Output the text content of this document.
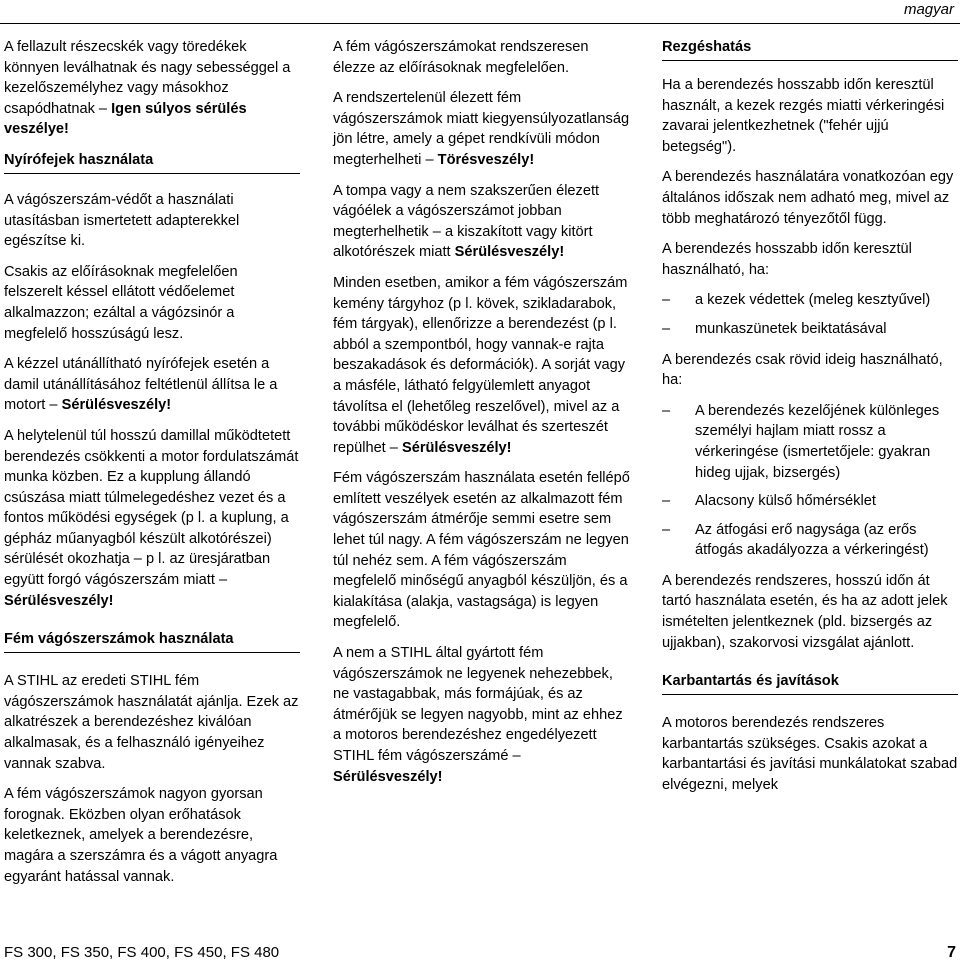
magyar

A fellazult részecskék vagy töredékek könnyen leválhatnak és nagy sebességgel a kezelőszemélyhez vagy másokhoz csapódhatnak – Igen súlyos sérülés veszélye!

Nyírófejek használata

A vágószerszám-védőt a használati utasításban ismertetett adapterekkel egészítse ki.

Csakis az előírásoknak megfelelően felszerelt késsel ellátott védőelemet alkalmazzon; ezáltal a vágózsinór a megfelelő hosszúságú lesz.

A kézzel utánállítható nyírófejek esetén a damil utánállításához feltétlenül állítsa le a motort – Sérülésveszély!

A helytelenül túl hosszú damillal működtetett berendezés csökkenti a motor fordulatszámát munka közben. Ez a kupplung állandó csúszása miatt túlmelegedéshez vezet és a fontos működési egységek (p l. a kuplung, a gépház műanyagból készült alkotórészei) sérülését okozhatja – p l. az üresjáratban együtt forgó vágószerszám miatt – Sérülésveszély!

Fém vágószerszámok használata

A STIHL az eredeti STIHL fém vágószerszámok használatát ajánlja. Ezek az alkatrészek a berendezéshez kiválóan alkalmasak, és a felhasználó igényeihez vannak szabva.

A fém vágószerszámok nagyon gyorsan forognak. Eközben olyan erőhatások keletkeznek, amelyek a berendezésre, magára a szerszámra és a vágott anyagra egyaránt hatással vannak.

A fém vágószerszámokat rendszeresen élezze az előírásoknak megfelelően.

A rendszertelenül élezett fém vágószerszámok miatt kiegyensúlyozatlanság jön létre, amely a gépet rendkívüli módon megterhelheti – Törésveszély!

A tompa vagy a nem szakszerűen élezett vágóélek a vágószerszámot jobban megterhelhetik – a kiszakított vagy kitört alkotórészek miatt Sérülésveszély!

Minden esetben, amikor a fém vágószerszám kemény tárgyhoz (p l. kövek, szikladarabok, fém tárgyak), ellenőrizze a berendezést (p l. abból a szempontból, hogy vannak-e rajta beszakadások és deformációk). A sorját vagy a másféle, látható felgyülemlett anyagot távolítsa el (lehetőleg reszelővel), mivel az a további működéskor leválhat és szerteszét repülhet – Sérülésveszély!

Fém vágószerszám használata esetén fellépő említett veszélyek esetén az alkalmazott fém vágószerszám átmérője semmi esetre sem lehet túl nagy. A fém vágószerszám ne legyen túl nehéz sem. A fém vágószerszám megfelelő minőségű anyagból készüljön, és a kialakítása (alakja, vastagsága) is legyen megfelelő.

A nem a STIHL által gyártott fém vágószerszámok ne legyenek nehezebbek, ne vastagabbak, más formájúak, és az átmérőjük se legyen nagyobb, mint az ehhez a motoros berendezéshez engedélyezett STIHL fém vágószerszámé – Sérülésveszély!

Rezgéshatás

Ha a berendezés hosszabb időn keresztül használt, a kezek rezgés miatti vérkeringési zavarai jelentkezhetnek ("fehér ujjú betegség").

A berendezés használatára vonatkozóan egy általános időszak nem adható meg, mivel az több meghatározó tényezőtől függ.

A berendezés hosszabb időn keresztül használható, ha:

– a kezek védettek (meleg kesztyűvel)
– munkaszünetek beiktatásával

A berendezés csak rövid ideig használható, ha:

– A berendezés kezelőjének különleges személyi hajlam miatt rossz a vérkeringése (ismertetőjele: gyakran hideg ujjak, bizsergés)
– Alacsony külső hőmérséklet
– Az átfogási erő nagysága (az erős átfogás akadályozza a vérkeringést)

A berendezés rendszeres, hosszú időn át tartó használata esetén, és ha az adott jelek ismételten jelentkeznek (pld. bizsergés az ujjakban), szakorvosi vizsgálat ajánlott.

Karbantartás és javítások

A motoros berendezés rendszeres karbantartás szükséges. Csakis azokat a karbantartási és javítási munkálatokat szabad elvégezni, melyek

FS 300, FS 350, FS 400, FS 450, FS 480	7
